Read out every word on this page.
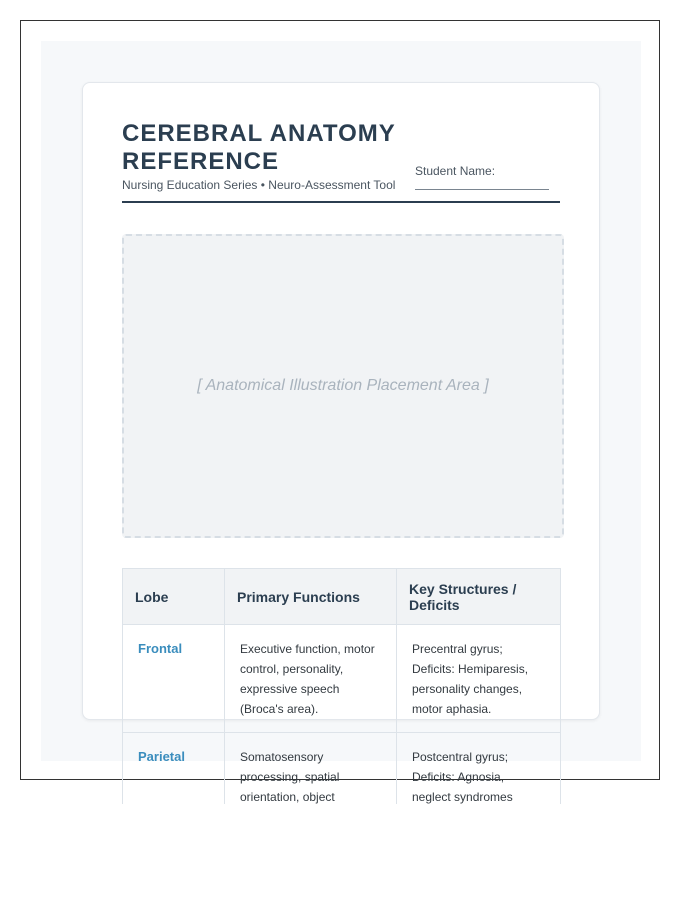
CEREBRAL ANATOMY REFERENCE
Nursing Education Series • Neuro-Assessment Tool
Student Name:
[ Anatomical Illustration Placement Area ]
Lobe	Primary Functions	Key Structures / Deficits
Frontal	Executive function, motor control, personality, expressive speech (Broca's area).	Precentral gyrus; Deficits: Hemiparesis, personality changes, motor aphasia.
Parietal	Somatosensory processing, spatial orientation, object	Postcentral gyrus; Deficits: Agnosia, neglect syndromes
